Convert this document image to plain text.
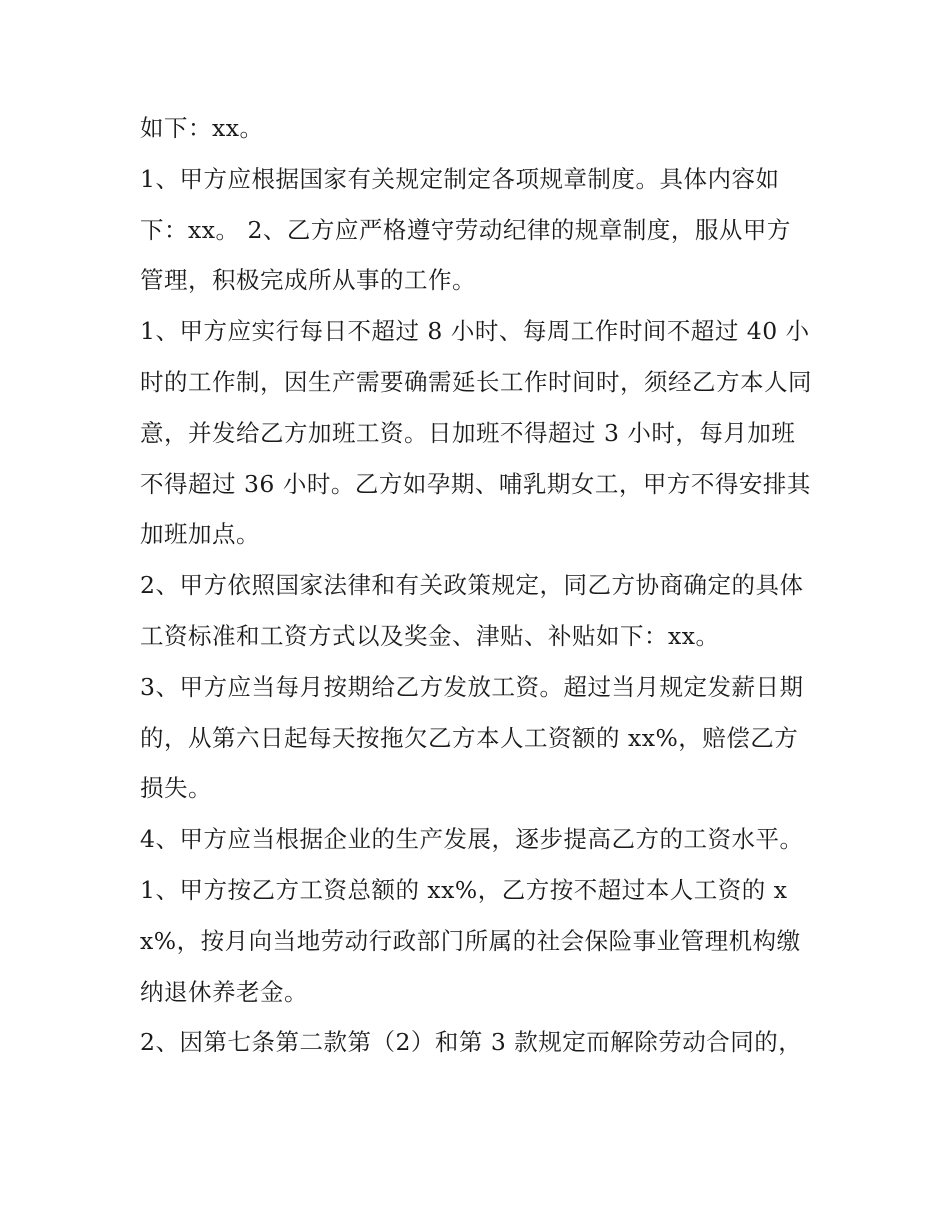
如下：xx。

1、甲方应根据国家有关规定制定各项规章制度。具体内容如下：xx。 2、乙方应严格遵守劳动纪律的规章制度，服从甲方管理，积极完成所从事的工作。

1、甲方应实行每日不超过 8 小时、每周工作时间不超过 40 小时的工作制，因生产需要确需延长工作时间时，须经乙方本人同意，并发给乙方加班工资。日加班不得超过 3 小时，每月加班不得超过 36 小时。乙方如孕期、哺乳期女工，甲方不得安排其加班加点。

2、甲方依照国家法律和有关政策规定，同乙方协商确定的具体工资标准和工资方式以及奖金、津贴、补贴如下：xx。

3、甲方应当每月按期给乙方发放工资。超过当月规定发薪日期的，从第六日起每天按拖欠乙方本人工资额的 xx%，赔偿乙方损失。

4、甲方应当根据企业的生产发展，逐步提高乙方的工资水平。

1、甲方按乙方工资总额的 xx%，乙方按不超过本人工资的 xx%，按月向当地劳动行政部门所属的社会保险事业管理机构缴纳退休养老金。

2、因第七条第二款第（2）和第 3 款规定而解除劳动合同的，
